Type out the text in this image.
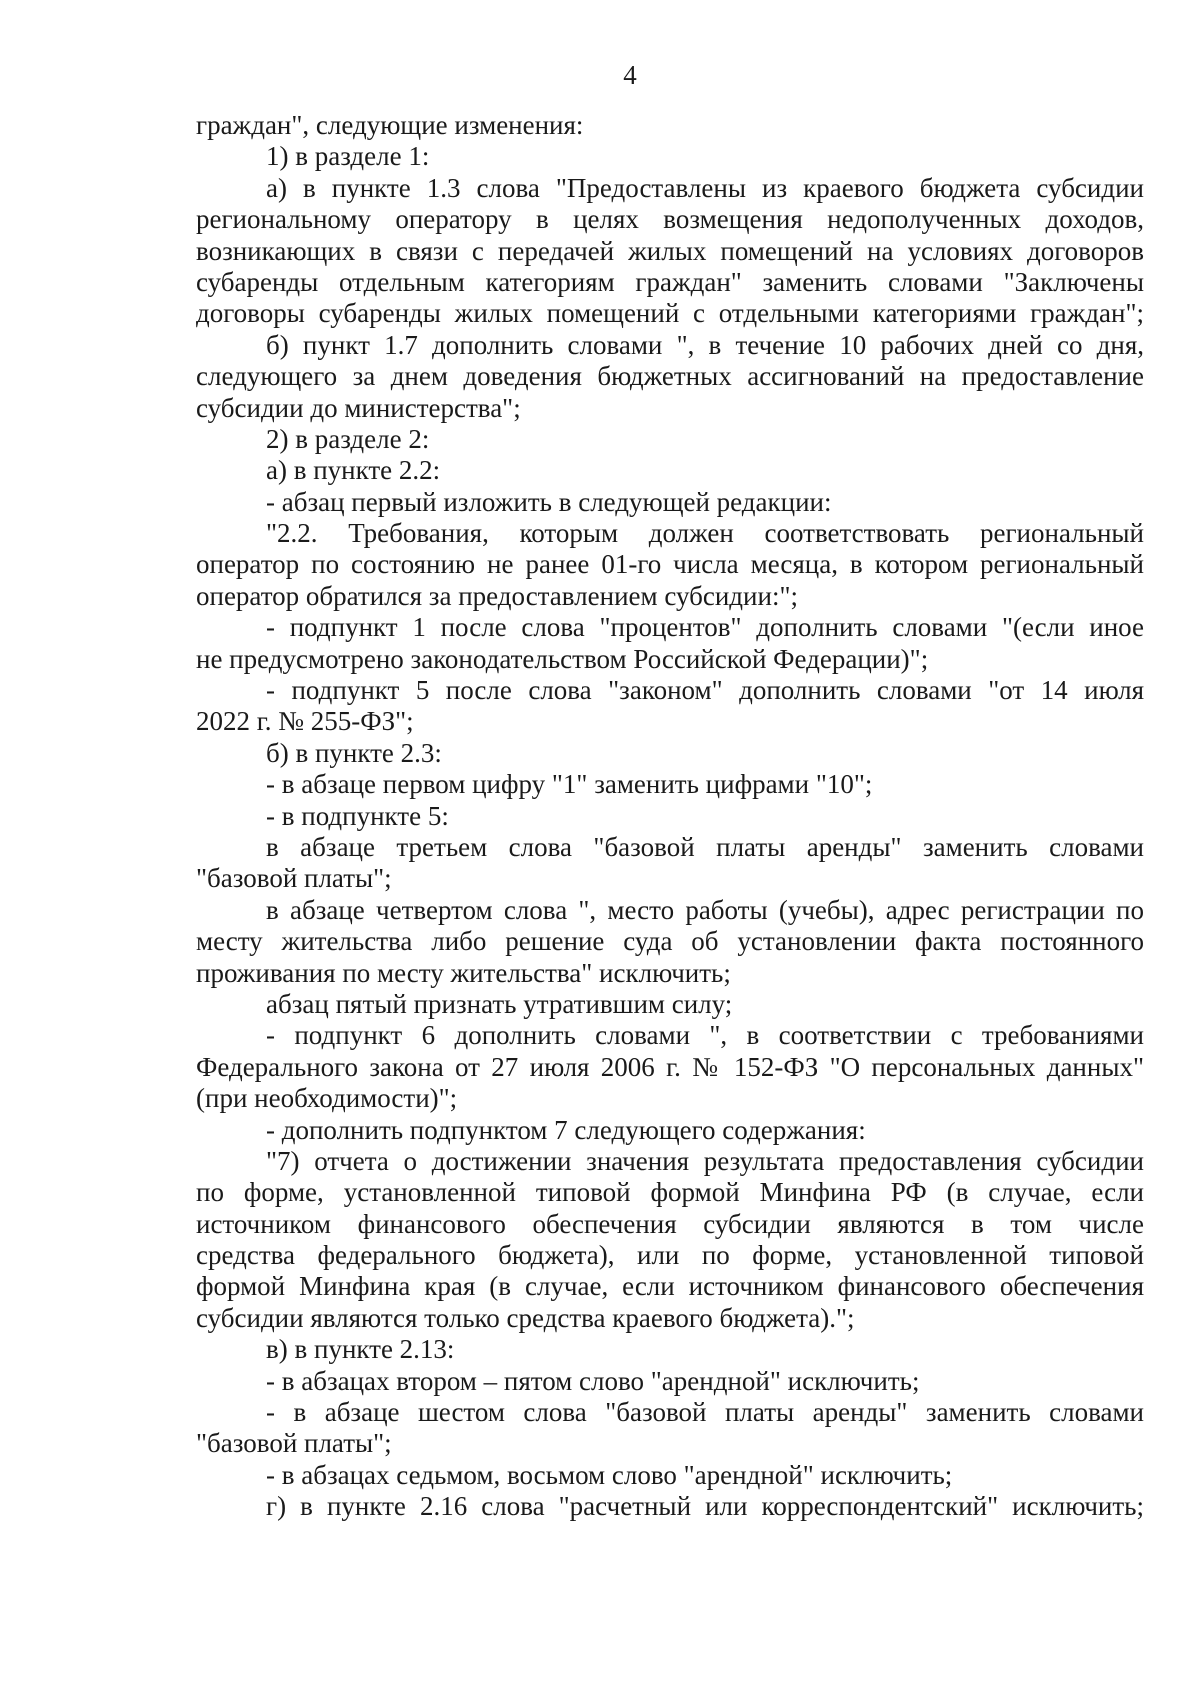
4
граждан", следующие изменения:
1) в разделе 1:
а) в пункте 1.3 слова "Предоставлены из краевого бюджета субсидии
региональному оператору в целях возмещения недополученных доходов,
возникающих в связи с передачей жилых помещений на условиях договоров
субаренды отдельным категориям граждан" заменить словами "Заключены
договоры субаренды жилых помещений с отдельными категориями граждан";
б) пункт 1.7 дополнить словами ", в течение 10 рабочих дней со дня,
следующего за днем доведения бюджетных ассигнований на предоставление
субсидии до министерства";
2) в разделе 2:
а) в пункте 2.2:
- абзац первый изложить в следующей редакции:
"2.2. Требования, которым должен соответствовать региональный
оператор по состоянию не ранее 01-го числа месяца, в котором региональный
оператор обратился за предоставлением субсидии:";
- подпункт 1 после слова "процентов" дополнить словами "(если иное
не предусмотрено законодательством Российской Федерации)";
- подпункт 5 после слова "законом" дополнить словами "от 14 июля
2022 г. № 255-ФЗ";
б) в пункте 2.3:
- в абзаце первом цифру "1" заменить цифрами "10";
- в подпункте 5:
в абзаце третьем слова "базовой платы аренды" заменить словами
"базовой платы";
в абзаце четвертом слова ", место работы (учебы), адрес регистрации по
месту жительства либо решение суда об установлении факта постоянного
проживания по месту жительства" исключить;
абзац пятый признать утратившим силу;
- подпункт 6 дополнить словами ", в соответствии с требованиями
Федерального закона от 27 июля 2006 г. № 152-ФЗ "О персональных данных"
(при необходимости)";
- дополнить подпунктом 7 следующего содержания:
"7) отчета о достижении значения результата предоставления субсидии
по форме, установленной типовой формой Минфина РФ (в случае, если
источником финансового обеспечения субсидии являются в том числе
средства федерального бюджета), или по форме, установленной типовой
формой Минфина края (в случае, если источником финансового обеспечения
субсидии являются только средства краевого бюджета).";
в) в пункте 2.13:
- в абзацах втором – пятом слово "арендной" исключить;
- в абзаце шестом слова "базовой платы аренды" заменить словами
"базовой платы";
- в абзацах седьмом, восьмом слово "арендной" исключить;
г) в пункте 2.16 слова "расчетный или корреспондентский" исключить;
